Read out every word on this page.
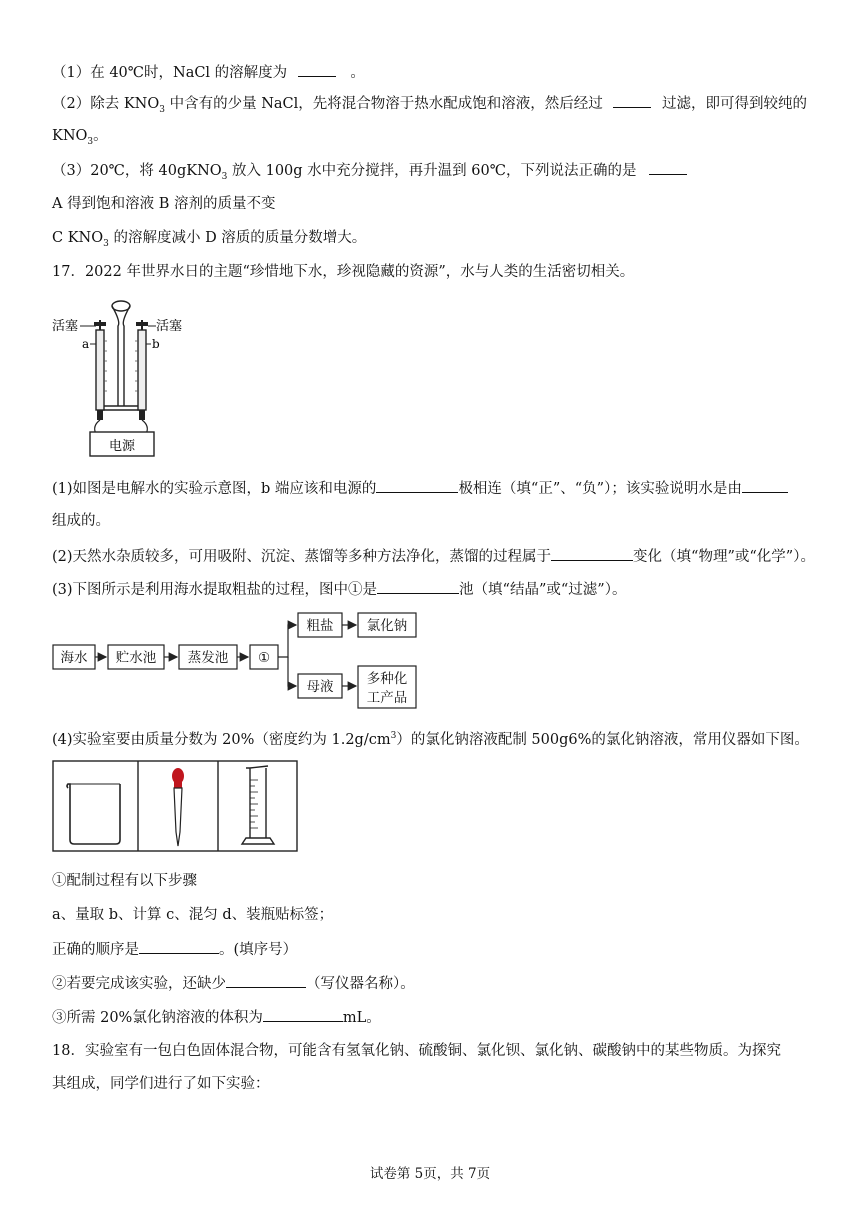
（1）在 40℃时，NaCl 的溶解度为	。
（2）除去 $KNO_3$ 中含有的少量 NaCl，先将混合物溶于热水配成饱和溶液，然后经过	过滤，即可得到较纯的
$KNO_3$。
（3）20℃，将 40gKNO$_3$ 放入 100g 水中充分搅拌，再升温到 60℃，下列说法正确的是
A 得到饱和溶液 B 溶剂的质量不变
C $KNO_3$ 的溶解度减小 D 溶质的质量分数增大。
17．2022 年世界水日的主题“珍惜地下水，珍视隐藏的资源”，水与人类的生活密切相关。
电源
活塞	活塞
a	b
(1)如图是电解水的实验示意图，b 端应该和电源的	极相连（填“正”、“负”）；该实验说明水是由
组成的。
(2)天然水杂质较多，可用吸附、沉淀、蒸馏等多种方法净化，蒸馏的过程属于	变化（填“物理”或“化学”）。
(3)下图所示是利用海水提取粗盐的过程，图中①是	池（填“结晶”或“过滤”）。
海水 贮水池 蒸发池 ①
粗盐 氯化钠
母液 多种化
工产品
(4)实验室要由质量分数为 20%（密度约为 $1.2g/cm^3$）的氯化钠溶液配制 500g6%的氯化钠溶液，常用仪器如下图。
①配制过程有以下步骤
a、量取 b、计算 c、混匀 d、装瓶贴标签；
正确的顺序是	。(填序号）
②若要完成该实验，还缺少	（写仪器名称）。
③所需 20%氯化钠溶液的体积为	mL。
18．实验室有一包白色固体混合物，可能含有氢氧化钠、硫酸铜、氯化钡、氯化钠、碳酸钠中的某些物质。为探究
其组成，同学们进行了如下实验：
试卷第 5页，共 7页
